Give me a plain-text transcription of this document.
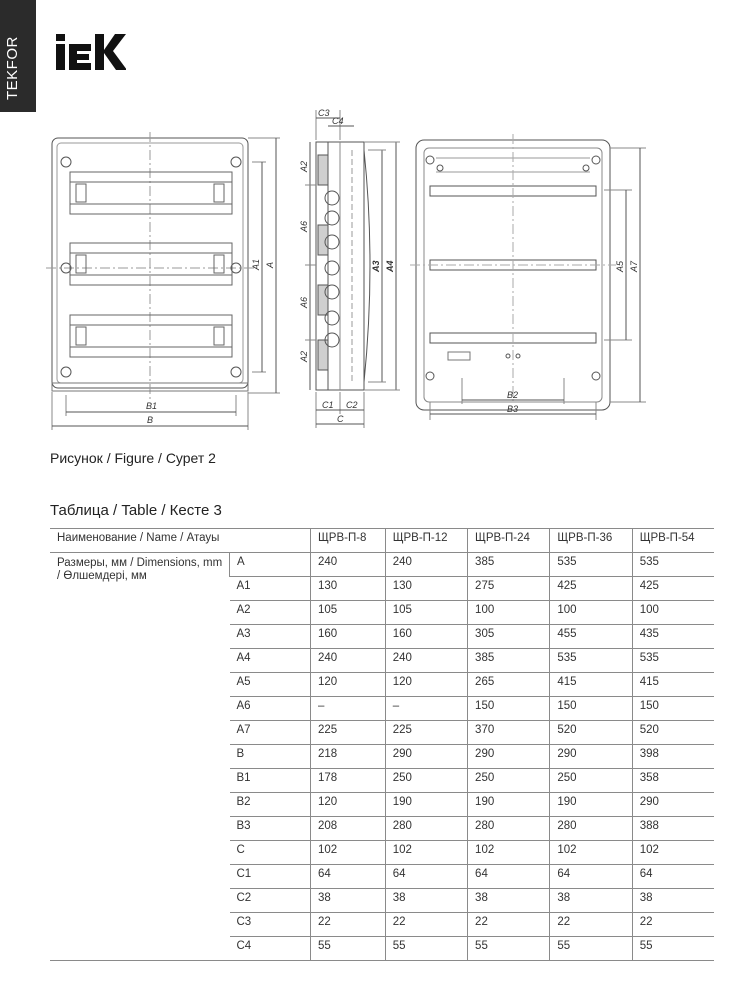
TEKFOR
B1
B
A1 A
C3
C4
A2
A6
A6
A2
A3 A4
C1 C2
C
A5 A7
B2
B3
Рисунок / Figure / Сурет 2
Таблица / Table / Кесте 3
Наименование / Name / Атауы		ЩРВ-П-8	ЩРВ-П-12	ЩРВ-П-24	ЩРВ-П-36	ЩРВ-П-54
Размеры, мм / Dimensions, mm / Өлшемдері, мм	A	240	240	385	535	535
	A1	130	130	275	425	425
	A2	105	105	100	100	100
	A3	160	160	305	455	435
	A4	240	240	385	535	535
	A5	120	120	265	415	415
	A6	–	–	150	150	150
	A7	225	225	370	520	520
	B	218	290	290	290	398
	B1	178	250	250	250	358
	B2	120	190	190	190	290
	B3	208	280	280	280	388
	C	102	102	102	102	102
	C1	64	64	64	64	64
	C2	38	38	38	38	38
	C3	22	22	22	22	22
	C4	55	55	55	55	55
